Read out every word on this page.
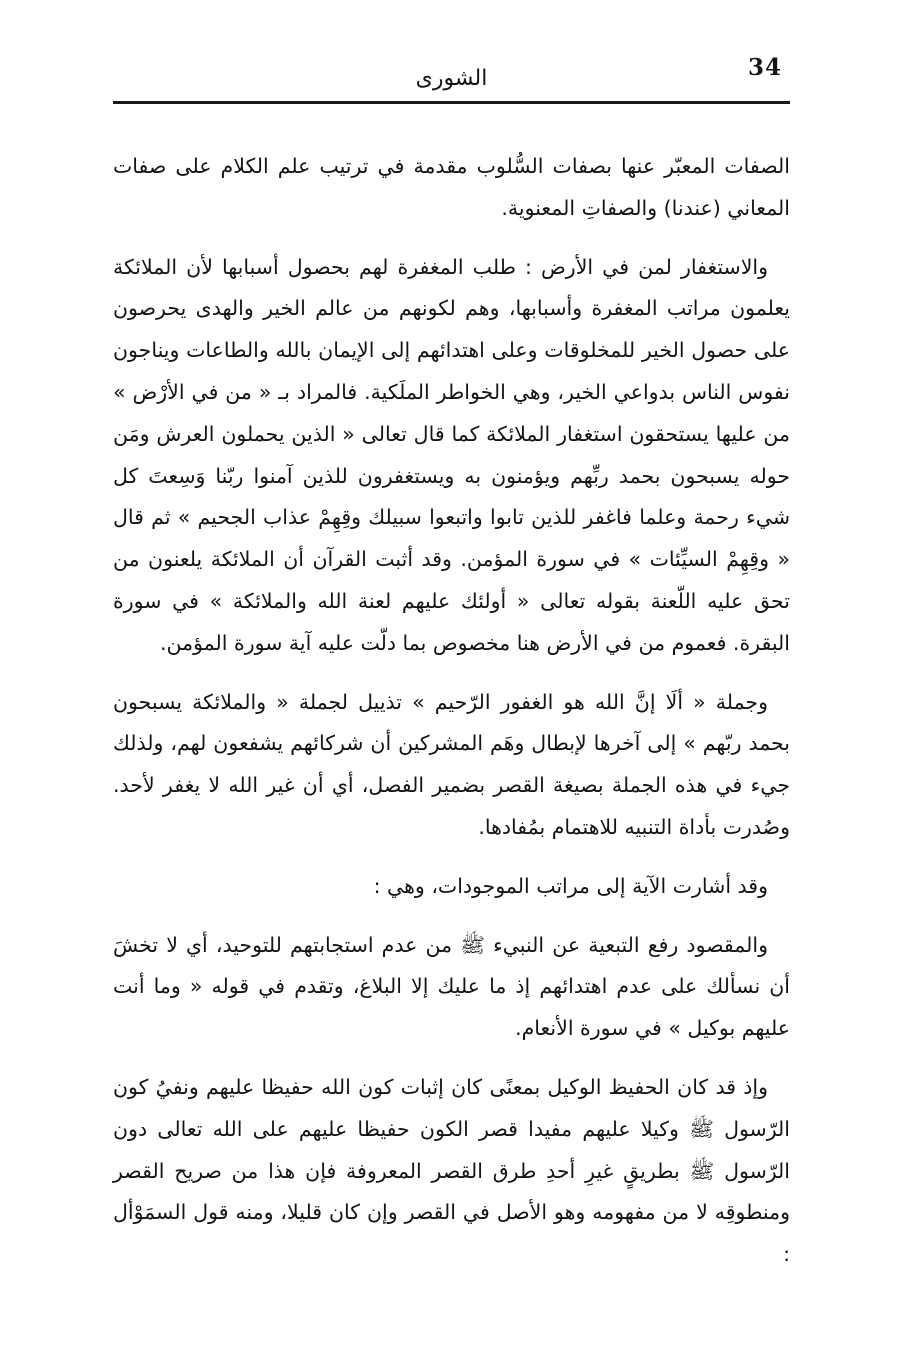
34
الشورى

الصفات المعبّر عنها بصفات السُّلوب مقدمة في ترتيب علم الكلام على صفات المعاني (عندنا) والصفاتِ المعنوية.

والاستغفار لمن في الأرض : طلب المغفرة لهم بحصول أسبابها لأن الملائكة يعلمون مراتب المغفرة وأسبابها، وهم لكونهم من عالم الخير والهدى يحرصون على حصول الخير للمخلوقات وعلى اهتدائهم إلى الإيمان بالله والطاعات ويناجون نفوس الناس بدواعي الخير، وهي الخواطر الملَكية. فالمراد بـ « من في الأرْض » من عليها يستحقون استغفار الملائكة كما قال تعالى « الذين يحملون العرش ومَن حوله يسبحون بحمد ربِّهم ويؤمنون به ويستغفرون للذين آمنوا ربّنا وَسِعتَ كل شيء رحمة وعلما فاغفر للذين تابوا واتبعوا سبيلك وقِهِمْ عذاب الجحيم » ثم قال « وقِهِمْ السيِّئات » في سورة المؤمن. وقد أثبت القرآن أن الملائكة يلعنون من تحق عليه اللّعنة بقوله تعالى « أولئك عليهم لعنة الله والملائكة » في سورة البقرة. فعموم من في الأرض هنا مخصوص بما دلّت عليه آية سورة المؤمن.

وجملة « ألَا إنَّ الله هو الغفور الرّحيم » تذييل لجملة « والملائكة يسبحون بحمد ربّهم » إلى آخرها لإبطال وهَم المشركين أن شركائهم يشفعون لهم، ولذلك جيء في هذه الجملة بصيغة القصر بضمير الفصل، أي أن غير الله لا يغفر لأحد. وصُدرت بأداة التنبيه للاهتمام بمُفادها.

وقد أشارت الآية إلى مراتب الموجودات، وهي :

والمقصود رفع التبعية عن النبيء ﷺ من عدم استجابتهم للتوحيد، أي لا تخشَ أن نسألك على عدم اهتدائهم إذ ما عليك إلا البلاغ، وتقدم في قوله « وما أنت عليهم بوكيل » في سورة الأنعام.

وإذ قد كان الحفيظ الوكيل بمعنًى كان إثبات كون الله حفيظا عليهم ونفيُ كون الرّسول ﷺ وكيلا عليهم مفيدا قصر الكون حفيظا عليهم على الله تعالى دون الرّسول ﷺ بطريقٍ غيرِ أحدِ طرق القصر المعروفة فإن هذا من صريح القصر ومنطوقِه لا من مفهومه وهو الأصل في القصر وإن كان قليلا، ومنه قول السمَوْأل :
